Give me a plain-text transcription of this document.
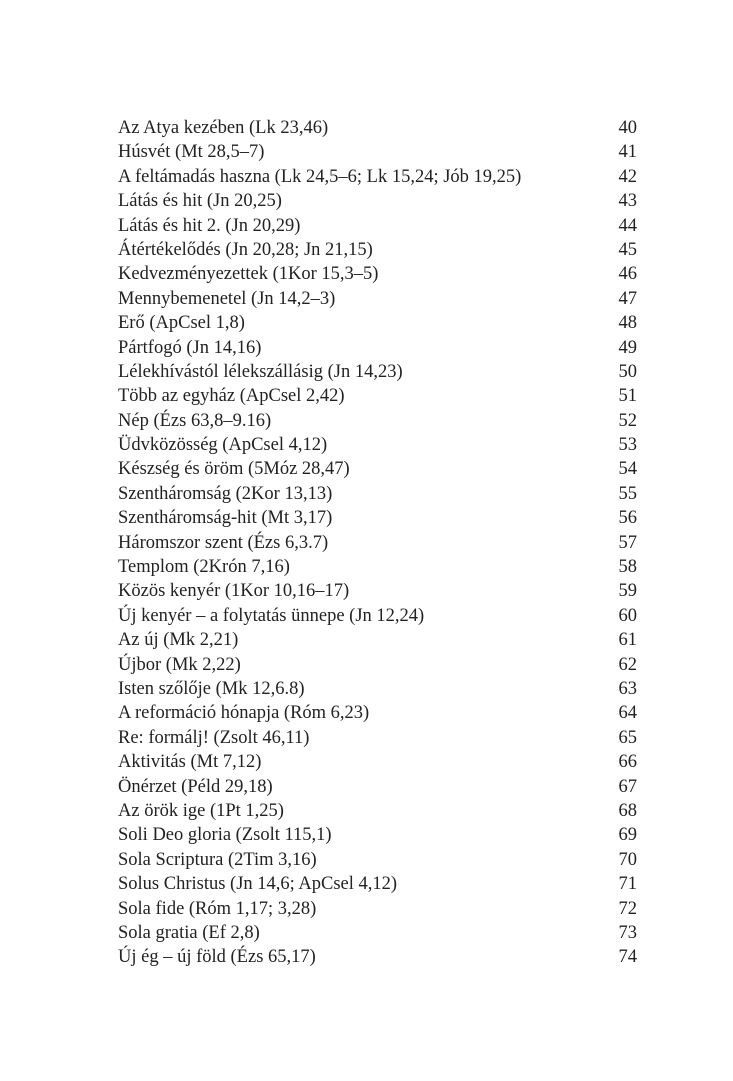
Az Atya kezében (Lk 23,46)	40
Húsvét (Mt 28,5–7)	41
A feltámadás haszna (Lk 24,5–6; Lk 15,24; Jób 19,25)	42
Látás és hit (Jn 20,25)	43
Látás és hit 2. (Jn 20,29)	44
Átértékelődés (Jn 20,28; Jn 21,15)	45
Kedvezményezettek (1Kor 15,3–5)	46
Mennybemenetel (Jn 14,2–3)	47
Erő (ApCsel 1,8)	48
Pártfogó (Jn 14,16)	49
Lélekhívástól lélekszállásig (Jn 14,23)	50
Több az egyház (ApCsel 2,42)	51
Nép (Ézs 63,8–9.16)	52
Üdvközösség (ApCsel 4,12)	53
Készség és öröm (5Móz 28,47)	54
Szentháromság (2Kor 13,13)	55
Szentháromság-hit (Mt 3,17)	56
Háromszor szent (Ézs 6,3.7)	57
Templom (2Krón 7,16)	58
Közös kenyér (1Kor 10,16–17)	59
Új kenyér – a folytatás ünnepe (Jn 12,24)	60
Az új (Mk 2,21)	61
Újbor (Mk 2,22)	62
Isten szőlője (Mk 12,6.8)	63
A reformáció hónapja (Róm 6,23)	64
Re: formálj! (Zsolt 46,11)	65
Aktivitás (Mt 7,12)	66
Önérzet (Péld 29,18)	67
Az örök ige (1Pt 1,25)	68
Soli Deo gloria (Zsolt 115,1)	69
Sola Scriptura (2Tim 3,16)	70
Solus Christus (Jn 14,6; ApCsel 4,12)	71
Sola fide (Róm 1,17; 3,28)	72
Sola gratia (Ef 2,8)	73
Új ég – új föld (Ézs 65,17)	74
